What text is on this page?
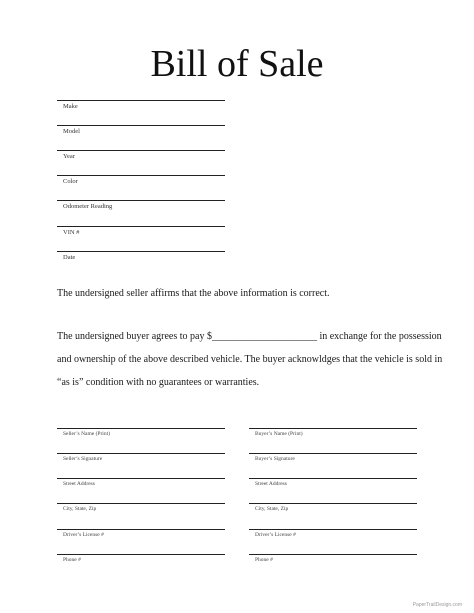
Bill of Sale
Make
Model
Year
Color
Odometer Reading
VIN #
Date
The undersigned seller affirms that the above information is correct.
The undersigned buyer agrees to pay $_____________________ in exchange for the possession
and ownership of the above described vehicle. The buyer acknowldges that the vehicle is sold in
“as is” condition with no guarantees or warranties.
Seller’s Name (Print)
Seller’s Signature
Street Address
City, State, Zip
Driver’s License #
Phone #
Buyer’s Name (Print)
Buyer’s Signature
Street Address
City, State, Zip
Driver’s License #
Phone #
PaperTrailDesign.com
